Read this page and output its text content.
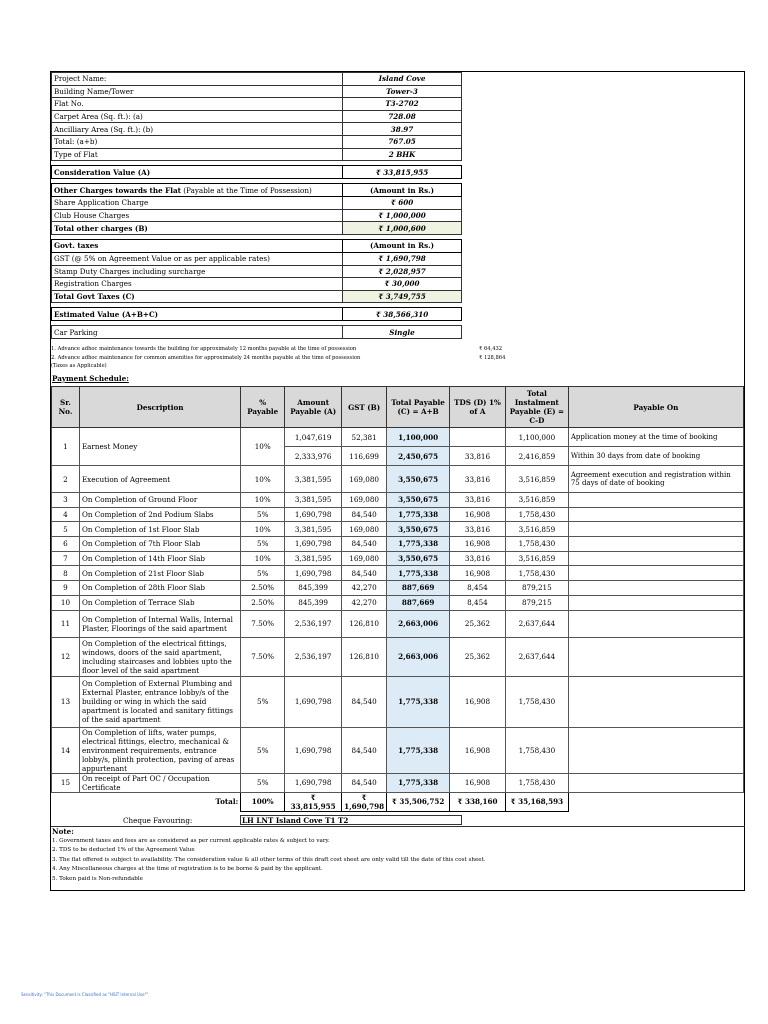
Project Name:	Island Cove
Building Name/Tower	Tower-3
Flat No.	T3-2702
Carpet Area (Sq. ft.): (a)	728.08
Ancilliary Area (Sq. ft.): (b)	38.97
Total: (a+b)	767.05
Type of Flat	2 BHK

Consideration Value (A)	₹ 33,815,955

Other Charges towards the Flat (Payable at the Time of Possession)	(Amount in Rs.)
Share Application Charge	₹ 600
Club House Charges	₹ 1,000,000
Total other charges (B)	₹ 1,000,600

Govt. taxes	(Amount in Rs.)
GST (@ 5% on Agreement Value or as per applicable rates)	₹ 1,690,798
Stamp Duty Charges including surcharge	₹ 2,028,957
Registration Charges	₹ 30,000
Total Govt Taxes (C)	₹ 3,749,755

Estimated Value (A+B+C)	₹ 38,566,310

Car Parking	Single
1. Advance adhoc maintenance towards the building for approximately 12 months payable at the time of possession	₹ 64,432
2. Advance adhoc maintenance for common amenities for approximately 24 months payable at the time of possession	₹ 128,864
(Taxes as Applicable)
Payment Schedule:
Sr. No.	Description	% Payable	Amount Payable (A)	GST (B)	Total Payable (C) = A+B	TDS (D) 1% of A	Total Instalment Payable (E) = C-D	Payable On
1	Earnest Money	10%	1,047,619	52,381	1,100,000		1,100,000	Application money at the time of booking
			2,333,976	116,699	2,450,675	33,816	2,416,859	Within 30 days from date of booking
2	Execution of Agreement	10%	3,381,595	169,080	3,550,675	33,816	3,516,859	Agreement execution and registration within 75 days of date of booking
3	On Completion of Ground Floor	10%	3,381,595	169,080	3,550,675	33,816	3,516,859	
4	On Completion of 2nd Podium Slabs	5%	1,690,798	84,540	1,775,338	16,908	1,758,430	
5	On Completion of 1st Floor Slab	10%	3,381,595	169,080	3,550,675	33,816	3,516,859	
6	On Completion of 7th Floor Slab	5%	1,690,798	84,540	1,775,338	16,908	1,758,430	
7	On Completion of 14th Floor Slab	10%	3,381,595	169,080	3,550,675	33,816	3,516,859	
8	On Completion of 21st Floor Slab	5%	1,690,798	84,540	1,775,338	16,908	1,758,430	
9	On Completion of 28th Floor Slab	2.50%	845,399	42,270	887,669	8,454	879,215	
10	On Completion of Terrace Slab	2.50%	845,399	42,270	887,669	8,454	879,215	
11	On Completion of Internal Walls, Internal Plaster, Floorings of the said apartment	7.50%	2,536,197	126,810	2,663,006	25,362	2,637,644	
12	On Completion of the electrical fittings, windows, doors of the said apartment, including staircases and lobbies upto the floor level of the said apartment	7.50%	2,536,197	126,810	2,663,006	25,362	2,637,644	
13	On Completion of External Plumbing and External Plaster, entrance lobby/s of the building or wing in which the said apartment is located and sanitary fittings of the said apartment	5%	1,690,798	84,540	1,775,338	16,908	1,758,430	
14	On Completion of lifts, water pumps, electrical fittings, electro, mechanical & environment requirements, entrance lobby/s, plinth protection, paving of areas appurtenant	5%	1,690,798	84,540	1,775,338	16,908	1,758,430	
15	On receipt of Part OC / Occupation Certificate	5%	1,690,798	84,540	1,775,338	16,908	1,758,430	
Total:		100%	₹ 33,815,955	₹ 1,690,798	₹ 35,506,752	₹ 338,160	₹ 35,168,593	
Cheque Favouring:	LH LNT Island Cove T1 T2
Note:
1. Government taxes and fees are as considered as per current applicable rates & subject to vary.
2. TDS to be deducted 1% of the Agreement Value
3. The flat offered is subject to availability. The consideration value & all other terms of this draft cost sheet are only valid till the date of this cost sheet.
4. Any Miscellaneous charges at the time of registration is to be borne & paid by the applicant.
5. Token paid is Non-refundable
Sensitivity: "This Document is Classified as "HSIT Internal Use""
